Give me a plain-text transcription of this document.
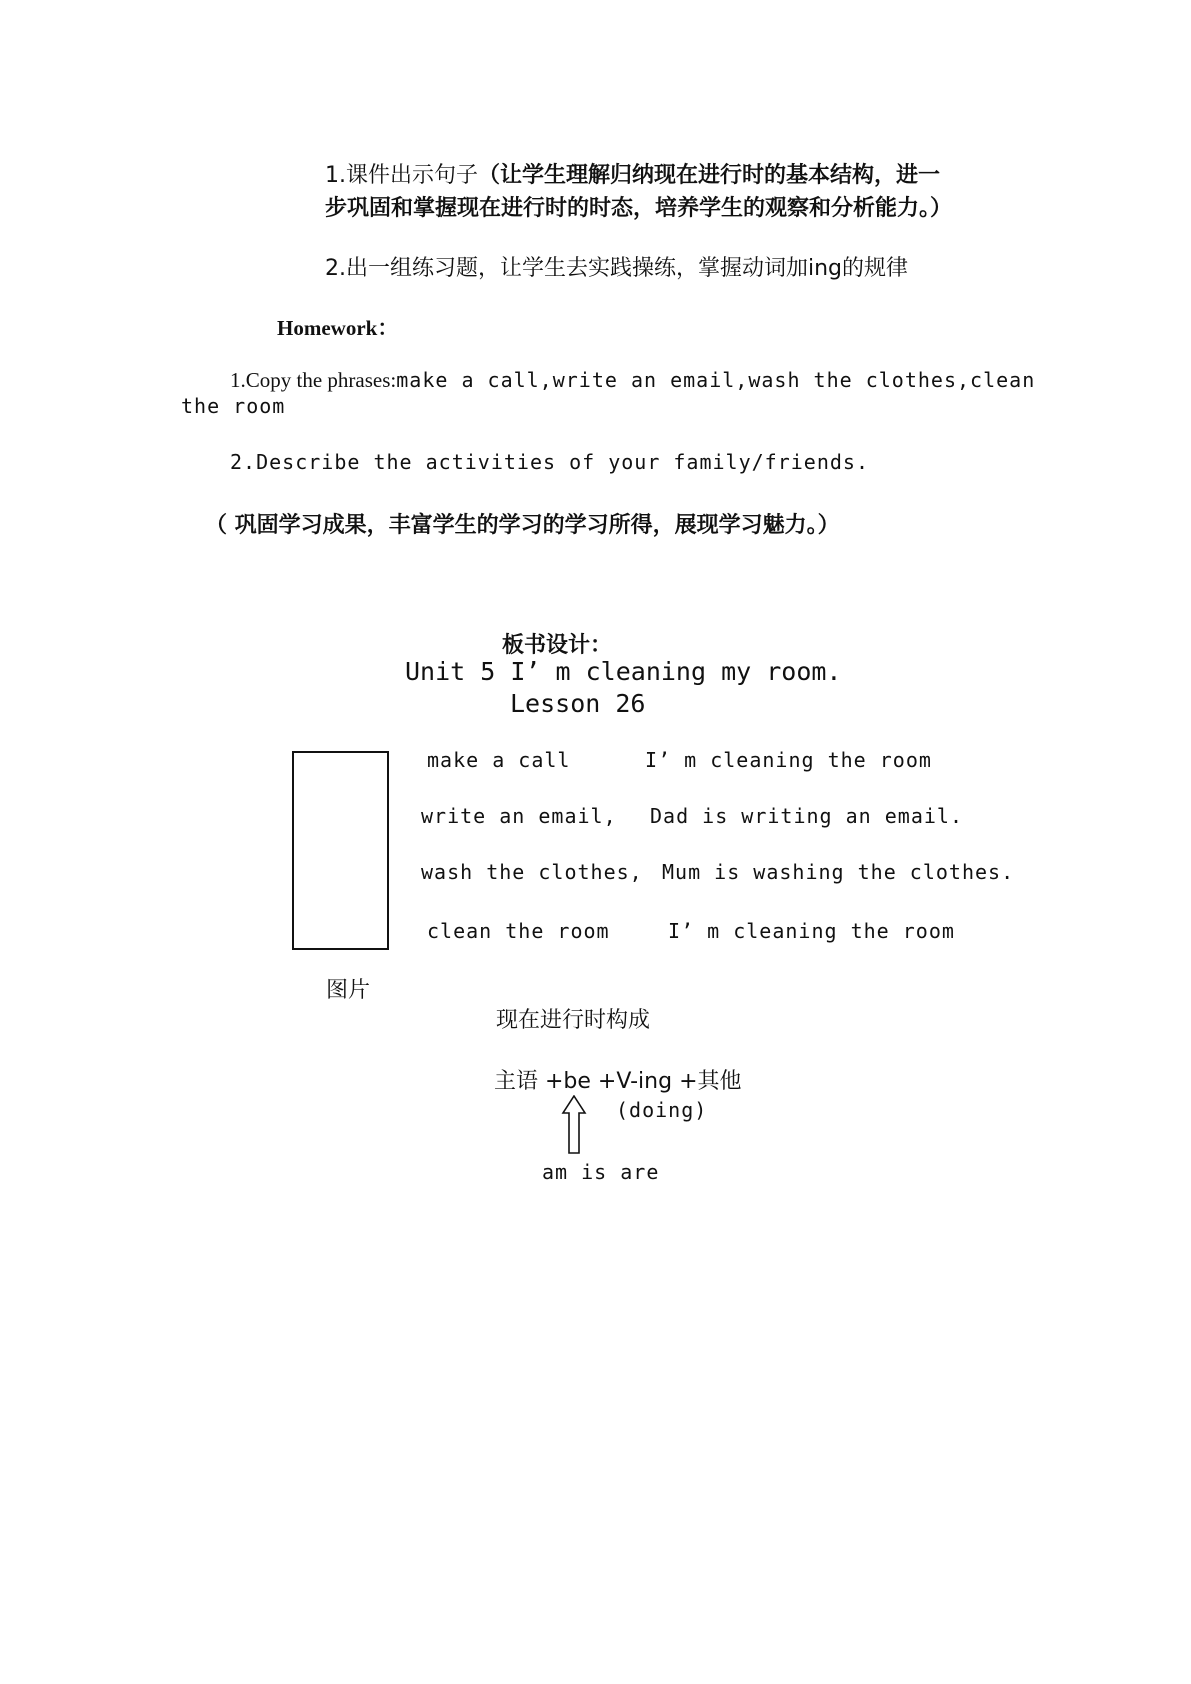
1.课件出示句子（让学生理解归纳现在进行时的基本结构，进一
步巩固和掌握现在进行时的时态，培养学生的观察和分析能力。）
2.出一组练习题，让学生去实践操练，掌握动词加ing的规律
Homework：
1.Copy the phrases:make a call,write an email,wash the clothes,clean
the room
2.Describe the activities of your family/friends.
（ 巩固学习成果，丰富学生的学习的学习所得，展现学习魅力。）
板书设计：
Unit 5 I’ m cleaning my room.
Lesson 26
make a call	I’ m cleaning the room
write an email, Dad is writing an email.
wash the clothes, Mum is washing the clothes.
clean the room	I’ m cleaning the room
图片
现在进行时构成
主语 +be +V-ing +其他
(doing)
am is are
